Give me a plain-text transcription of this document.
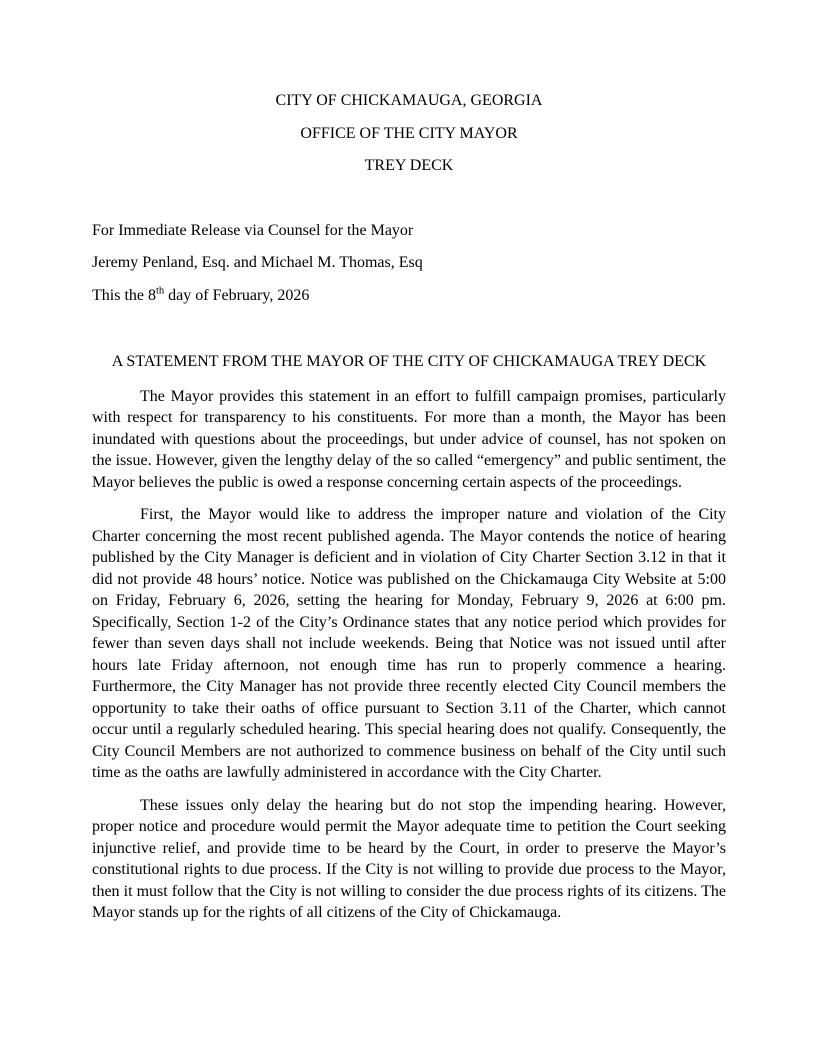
CITY OF CHICKAMAUGA, GEORGIA
OFFICE OF THE CITY MAYOR
TREY DECK
For Immediate Release via Counsel for the Mayor
Jeremy Penland, Esq. and Michael M. Thomas, Esq
This the 8th day of February, 2026
A STATEMENT FROM THE MAYOR OF THE CITY OF CHICKAMAUGA TREY DECK

The Mayor provides this statement in an effort to fulfill campaign promises, particularly with respect for transparency to his constituents. For more than a month, the Mayor has been inundated with questions about the proceedings, but under advice of counsel, has not spoken on the issue. However, given the lengthy delay of the so called “emergency” and public sentiment, the Mayor believes the public is owed a response concerning certain aspects of the proceedings.

First, the Mayor would like to address the improper nature and violation of the City Charter concerning the most recent published agenda. The Mayor contends the notice of hearing published by the City Manager is deficient and in violation of City Charter Section 3.12 in that it did not provide 48 hours’ notice. Notice was published on the Chickamauga City Website at 5:00 on Friday, February 6, 2026, setting the hearing for Monday, February 9, 2026 at 6:00 pm. Specifically, Section 1-2 of the City’s Ordinance states that any notice period which provides for fewer than seven days shall not include weekends. Being that Notice was not issued until after hours late Friday afternoon, not enough time has run to properly commence a hearing. Furthermore, the City Manager has not provide three recently elected City Council members the opportunity to take their oaths of office pursuant to Section 3.11 of the Charter, which cannot occur until a regularly scheduled hearing. This special hearing does not qualify. Consequently, the City Council Members are not authorized to commence business on behalf of the City until such time as the oaths are lawfully administered in accordance with the City Charter.

These issues only delay the hearing but do not stop the impending hearing. However, proper notice and procedure would permit the Mayor adequate time to petition the Court seeking injunctive relief, and provide time to be heard by the Court, in order to preserve the Mayor’s constitutional rights to due process. If the City is not willing to provide due process to the Mayor, then it must follow that the City is not willing to consider the due process rights of its citizens. The Mayor stands up for the rights of all citizens of the City of Chickamauga.
